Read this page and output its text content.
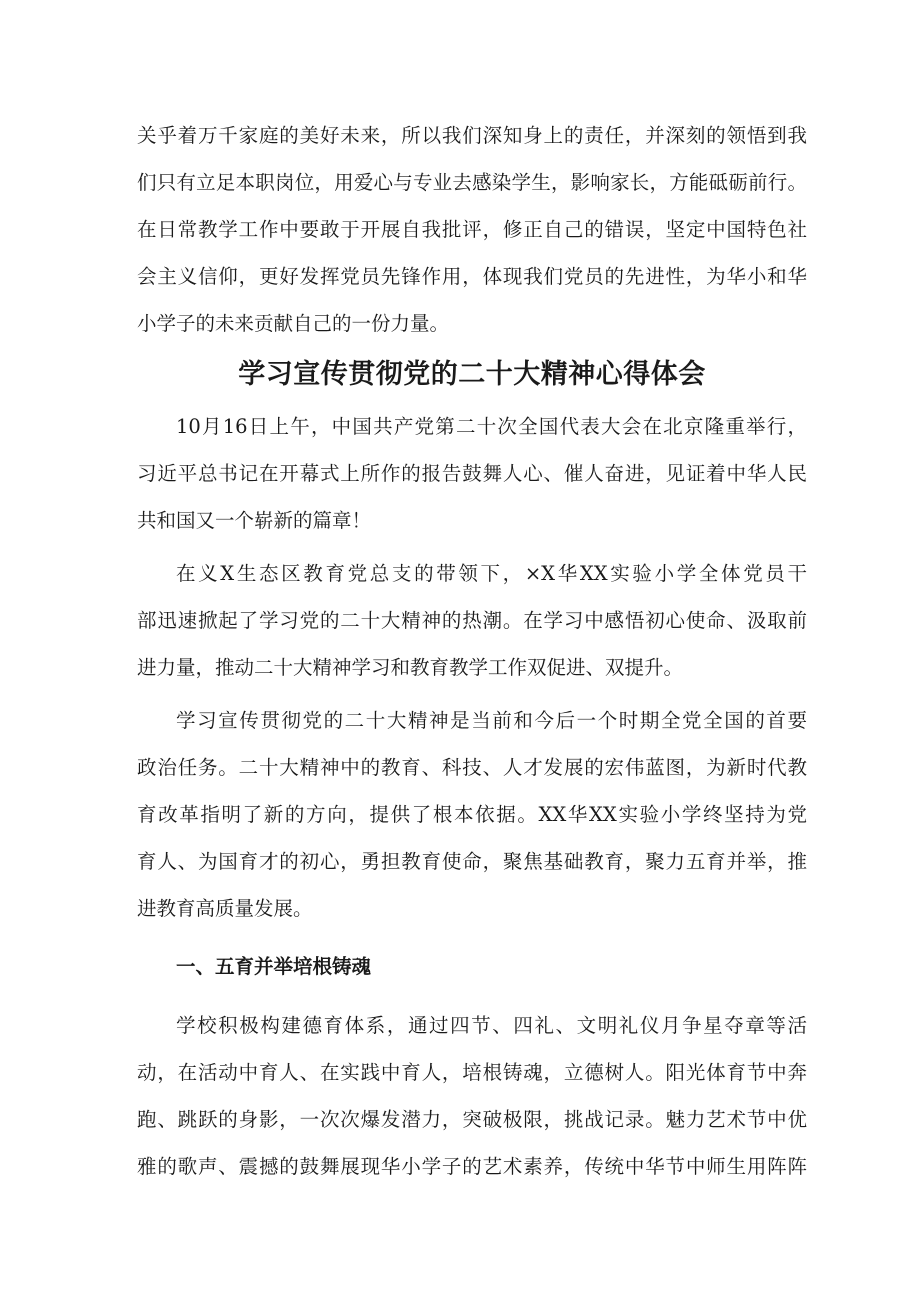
关乎着万千家庭的美好未来，所以我们深知身上的责任，并深刻的领悟到我

们只有立足本职岗位，用爱心与专业去感染学生，影响家长，方能砥砺前行。

在日常教学工作中要敢于开展自我批评，修正自己的错误，坚定中国特色社

会主义信仰，更好发挥党员先锋作用，体现我们党员的先进性，为华小和华

小学子的未来贡献自己的一份力量。

学习宣传贯彻党的二十大精神心得体会

10月16日上午，中国共产党第二十次全国代表大会在北京隆重举行，

习近平总书记在开幕式上所作的报告鼓舞人心、催人奋进，见证着中华人民

共和国又一个崭新的篇章！

在义X生态区教育党总支的带领下，×X华XX实验小学全体党员干

部迅速掀起了学习党的二十大精神的热潮。在学习中感悟初心使命、汲取前

进力量，推动二十大精神学习和教育教学工作双促进、双提升。

学习宣传贯彻党的二十大精神是当前和今后一个时期全党全国的首要

政治任务。二十大精神中的教育、科技、人才发展的宏伟蓝图，为新时代教

育改革指明了新的方向，提供了根本依据。XX华XX实验小学终坚持为党

育人、为国育才的初心，勇担教育使命，聚焦基础教育，聚力五育并举，推

进教育高质量发展。

一、五育并举培根铸魂

学校积极构建德育体系，通过四节、四礼、文明礼仪月争星夺章等活

动，在活动中育人、在实践中育人，培根铸魂，立德树人。阳光体育节中奔

跑、跳跃的身影，一次次爆发潜力，突破极限，挑战记录。魅力艺术节中优

雅的歌声、震撼的鼓舞展现华小学子的艺术素养，传统中华节中师生用阵阵
